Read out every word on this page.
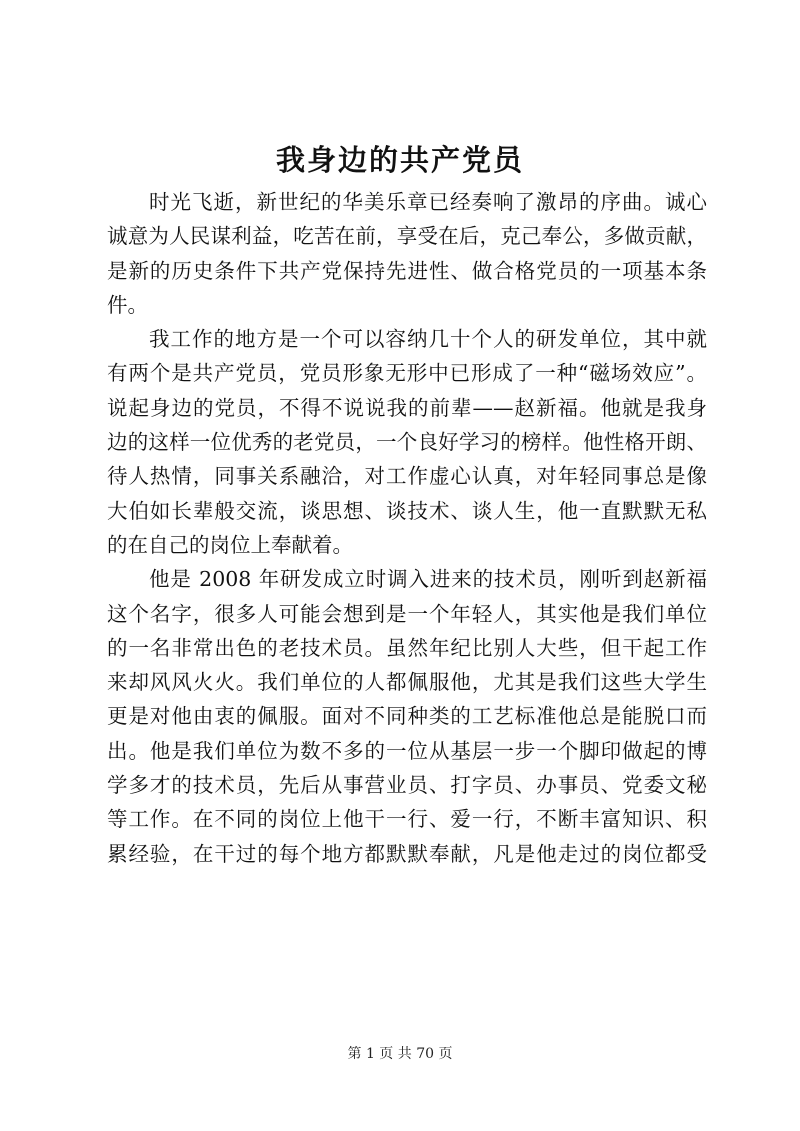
我身边的共产党员
时光飞逝，新世纪的华美乐章已经奏响了激昂的序曲。诚心
诚意为人民谋利益，吃苦在前，享受在后，克己奉公，多做贡献，
是新的历史条件下共产党保持先进性、做合格党员的一项基本条
件。
我工作的地方是一个可以容纳几十个人的研发单位，其中就
有两个是共产党员，党员形象无形中已形成了一种“磁场效应”。
说起身边的党员，不得不说说我的前辈——赵新福。他就是我身
边的这样一位优秀的老党员，一个良好学习的榜样。他性格开朗、
待人热情，同事关系融洽，对工作虚心认真，对年轻同事总是像
大伯如长辈般交流，谈思想、谈技术、谈人生，他一直默默无私
的在自己的岗位上奉献着。
他是 2008 年研发成立时调入进来的技术员，刚听到赵新福
这个名字，很多人可能会想到是一个年轻人，其实他是我们单位
的一名非常出色的老技术员。虽然年纪比别人大些，但干起工作
来却风风火火。我们单位的人都佩服他，尤其是我们这些大学生
更是对他由衷的佩服。面对不同种类的工艺标准他总是能脱口而
出。他是我们单位为数不多的一位从基层一步一个脚印做起的博
学多才的技术员，先后从事营业员、打字员、办事员、党委文秘
等工作。在不同的岗位上他干一行、爱一行，不断丰富知识、积
累经验，在干过的每个地方都默默奉献，凡是他走过的岗位都受
第 1 页 共 70 页
